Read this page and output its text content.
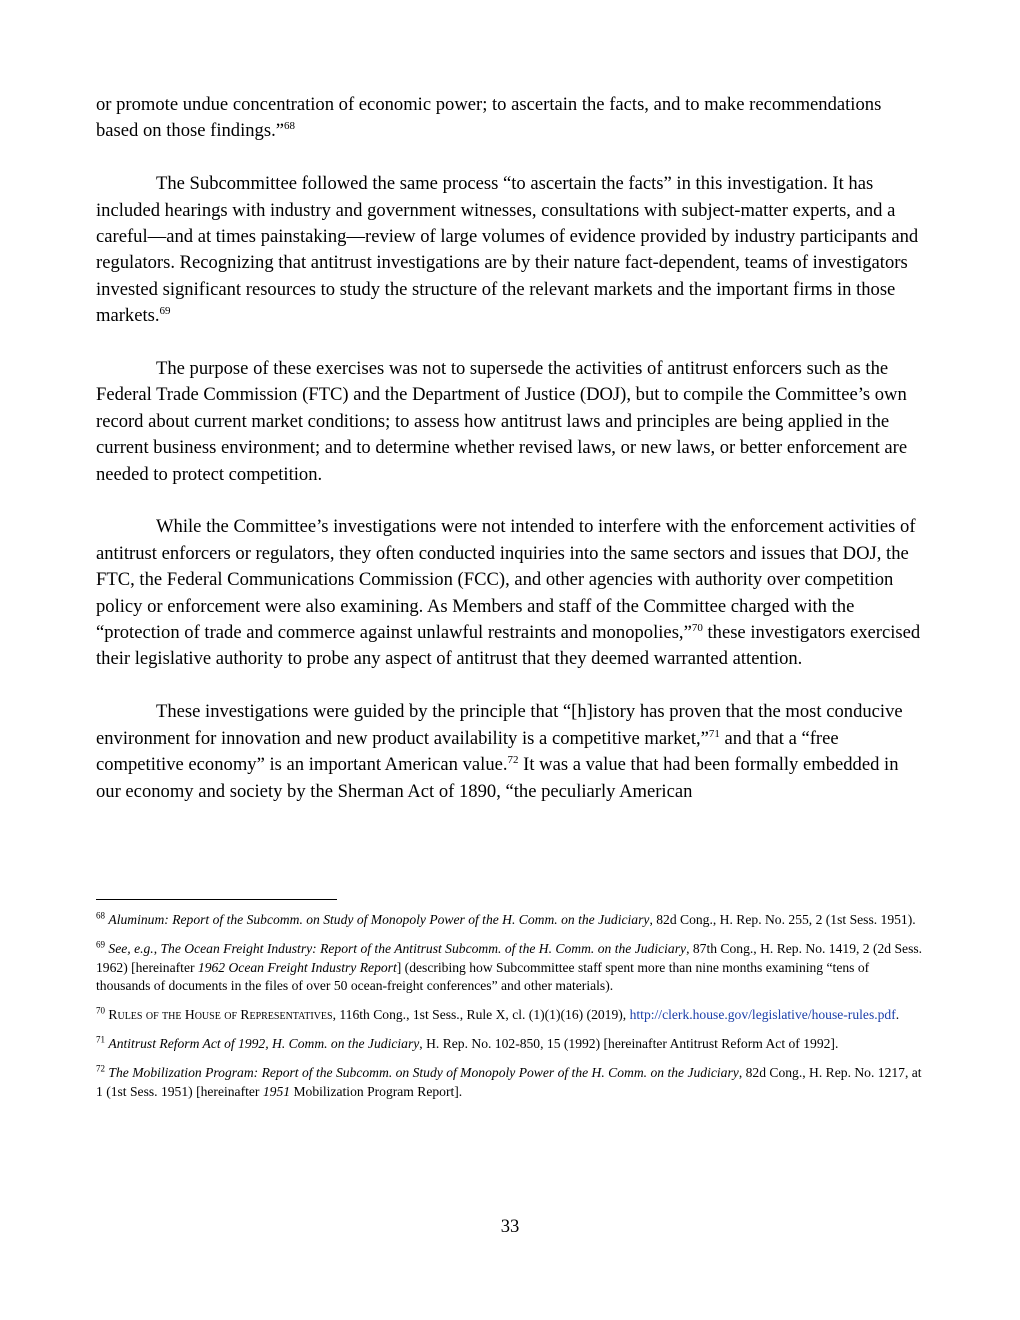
or promote undue concentration of economic power; to ascertain the facts, and to make recommendations based on those findings.”$^{68}$

The Subcommittee followed the same process “to ascertain the facts” in this investigation. It has included hearings with industry and government witnesses, consultations with subject-matter experts, and a careful—and at times painstaking—review of large volumes of evidence provided by industry participants and regulators. Recognizing that antitrust investigations are by their nature fact-dependent, teams of investigators invested significant resources to study the structure of the relevant markets and the important firms in those markets.$^{69}$

The purpose of these exercises was not to supersede the activities of antitrust enforcers such as the Federal Trade Commission (FTC) and the Department of Justice (DOJ), but to compile the Committee’s own record about current market conditions; to assess how antitrust laws and principles are being applied in the current business environment; and to determine whether revised laws, or new laws, or better enforcement are needed to protect competition.

While the Committee’s investigations were not intended to interfere with the enforcement activities of antitrust enforcers or regulators, they often conducted inquiries into the same sectors and issues that DOJ, the FTC, the Federal Communications Commission (FCC), and other agencies with authority over competition policy or enforcement were also examining. As Members and staff of the Committee charged with the “protection of trade and commerce against unlawful restraints and monopolies,”$^{70}$ these investigators exercised their legislative authority to probe any aspect of antitrust that they deemed warranted attention.

These investigations were guided by the principle that “[h]istory has proven that the most conducive environment for innovation and new product availability is a competitive market,”$^{71}$ and that a “free competitive economy” is an important American value.$^{72}$ It was a value that had been formally embedded in our economy and society by the Sherman Act of 1890, “the peculiarly American

$^{68}$ Aluminum: Report of the Subcomm. on Study of Monopoly Power of the H. Comm. on the Judiciary, 82d Cong., H. Rep. No. 255, 2 (1st Sess. 1951).

$^{69}$ See, e.g., The Ocean Freight Industry: Report of the Antitrust Subcomm. of the H. Comm. on the Judiciary, 87th Cong., H. Rep. No. 1419, 2 (2d Sess. 1962) [hereinafter 1962 Ocean Freight Industry Report] (describing how Subcommittee staff spent more than nine months examining “tens of thousands of documents in the files of over 50 ocean-freight conferences” and other materials).

$^{70}$ Rules of the House of Representatives, 116th Cong., 1st Sess., Rule X, cl. (1)(1)(16) (2019), http://clerk.house.gov/legislative/house-rules.pdf.

$^{71}$ Antitrust Reform Act of 1992, H. Comm. on the Judiciary, H. Rep. No. 102-850, 15 (1992) [hereinafter Antitrust Reform Act of 1992].

$^{72}$ The Mobilization Program: Report of the Subcomm. on Study of Monopoly Power of the H. Comm. on the Judiciary, 82d Cong., H. Rep. No. 1217, at 1 (1st Sess. 1951) [hereinafter 1951 Mobilization Program Report].

33
